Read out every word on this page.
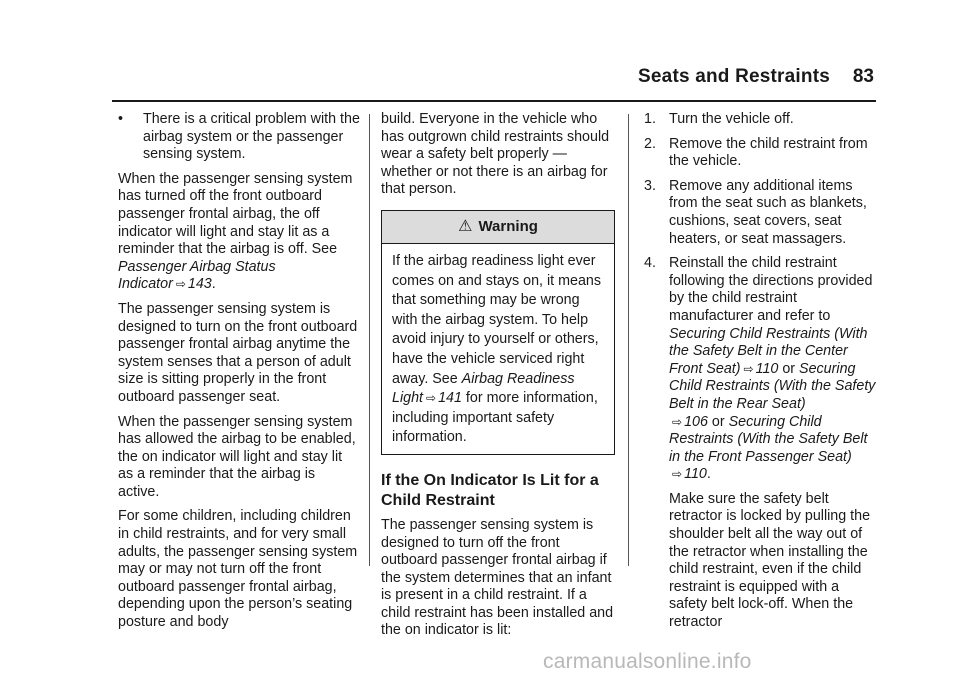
Seats and Restraints 83
• There is a critical problem with the airbag system or the passenger sensing system.

When the passenger sensing system has turned off the front outboard passenger frontal airbag, the off indicator will light and stay lit as a reminder that the airbag is off. See Passenger Airbag Status Indicator ⇨ 143.

The passenger sensing system is designed to turn on the front outboard passenger frontal airbag anytime the system senses that a person of adult size is sitting properly in the front outboard passenger seat.

When the passenger sensing system has allowed the airbag to be enabled, the on indicator will light and stay lit as a reminder that the airbag is active.

For some children, including children in child restraints, and for very small adults, the passenger sensing system may or may not turn off the front outboard passenger frontal airbag, depending upon the person’s seating posture and body

build. Everyone in the vehicle who has outgrown child restraints should wear a safety belt properly — whether or not there is an airbag for that person.

⚠ Warning
If the airbag readiness light ever comes on and stays on, it means that something may be wrong with the airbag system. To help avoid injury to yourself or others, have the vehicle serviced right away. See Airbag Readiness Light ⇨ 141 for more information, including important safety information.
If the On Indicator Is Lit for a Child Restraint

The passenger sensing system is designed to turn off the front outboard passenger frontal airbag if the system determines that an infant is present in a child restraint. If a child restraint has been installed and the on indicator is lit:

1. Turn the vehicle off.
2. Remove the child restraint from the vehicle.
3. Remove any additional items from the seat such as blankets, cushions, seat covers, seat heaters, or seat massagers.
4. Reinstall the child restraint following the directions provided by the child restraint manufacturer and refer to Securing Child Restraints (With the Safety Belt in the Center Front Seat) ⇨ 110 or Securing Child Restraints (With the Safety Belt in the Rear Seat)
⇨ 106 or Securing Child Restraints (With the Safety Belt in the Front Passenger Seat)
⇨ 110.

Make sure the safety belt retractor is locked by pulling the shoulder belt all the way out of the retractor when installing the child restraint, even if the child restraint is equipped with a safety belt lock-off. When the retractor

carmanualsonline.info
